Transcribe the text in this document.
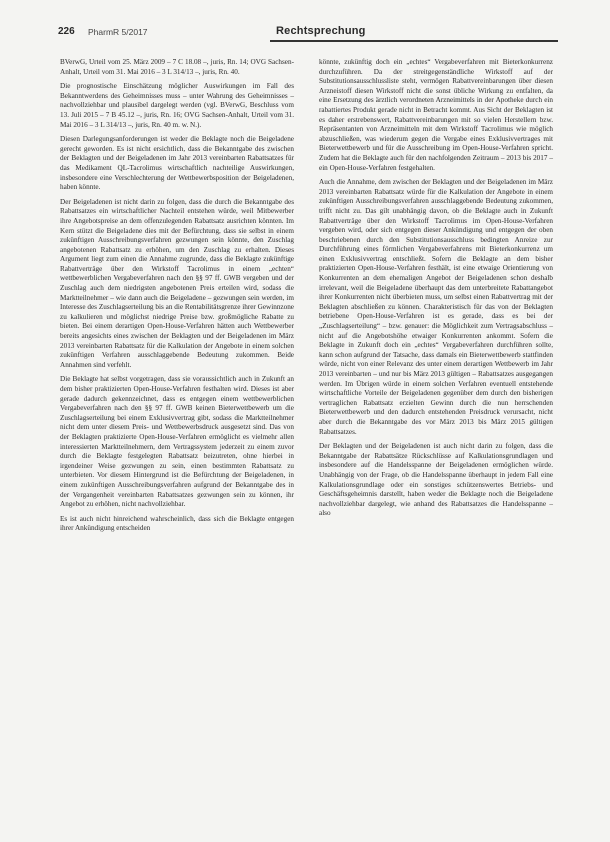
226 PharmR 5/2017	Rechtsprechung

BVerwG, Urteil vom 25. März 2009 – 7 C 18.08 –, juris, Rn. 14; OVG Sachsen-Anhalt, Urteil vom 31. Mai 2016 – 3 L 314/13 –, juris, Rn. 40.

Die prognostische Einschätzung möglicher Auswirkungen im Fall des Bekanntwerdens des Geheimnisses muss – unter Wahrung des Geheimnisses – nachvollziehbar und plausibel dargelegt werden (vgl. BVerwG, Beschluss vom 13. Juli 2015 – 7 B 45.12 –, juris, Rn. 16; OVG Sachsen-Anhalt, Urteil vom 31. Mai 2016 – 3 L 314/13 –, juris, Rn. 40 m. w. N.).

Diesen Darlegungsanforderungen ist weder die Beklagte noch die Beigeladene gerecht geworden. Es ist nicht ersichtlich, dass die Bekanntgabe des zwischen der Beklagten und der Beigeladenen im Jahr 2013 vereinbarten Rabattsatzes für das Medikament QL-Tacrolimus wirtschaftlich nachteilige Auswirkungen, insbesondere eine Verschlechterung der Wettbewerbsposition der Beigeladenen, haben könnte.

Der Beigeladenen ist nicht darin zu folgen, dass die durch die Bekanntgabe des Rabattsatzes ein wirtschaftlicher Nachteil entstehen würde, weil Mitbewerber ihre Angebotspreise an dem offenzulegenden Rabattsatz ausrichten könnten. Im Kern stützt die Beigeladene dies mit der Befürchtung, dass sie selbst in einem zukünftigen Ausschreibungsverfahren gezwungen sein könnte, den Zuschlag angebotenen Rabattsatz zu erhöhen, um den Zuschlag zu erhalten. Dieses Argument liegt zum einen die Annahme zugrunde, dass die Beklagte zukünftige Rabattverträge über den Wirkstoff Tacrolimus in einem „echten“ wettbewerblichen Vergabeverfahren nach den §§ 97 ff. GWB vergeben und der Zuschlag auch dem niedrigsten angebotenen Preis erteilen wird, sodass die Marktteilnehmer – wie dann auch die Beigeladene – gezwungen sein werden, im Interesse des Zuschlagserteilung bis an die Rentabilitätsgrenze ihrer Gewinnzone zu kalkulieren und möglichst niedrige Preise bzw. großmögliche Rabatte zu bieten. Bei einem derartigen Open-House-Verfahren hätten auch Wettbewerber bereits angesichts eines zwischen der Beklagten und der Beigeladenen im März 2013 vereinbarten Rabattsatz für die Kalkulation der Angebote in einem solchen zukünftigen Verfahren ausschlaggebende Bedeutung zukommen. Beide Annahmen sind verfehlt.

Die Beklagte hat selbst vorgetragen, dass sie voraussichtlich auch in Zukunft an dem bisher praktizierten Open-House-Verfahren festhalten wird. Dieses ist aber gerade dadurch gekennzeichnet, dass es entgegen einem wettbewerblichen Vergabeverfahren nach den §§ 97 ff. GWB keinen Bieterwettbewerb um die Zuschlagserteilung bei einem Exklusivvertrag gibt, sodass die Marktteilnehmer nicht dem unter diesem Preis- und Wettbewerbsdruck ausgesetzt sind. Das von der Beklagten praktizierte Open-House-Verfahren ermöglicht es vielmehr allen interessierten Marktteilnehmern, dem Vertragssystem jederzeit zu einem zuvor durch die Beklagte festgelegten Rabattsatz beizutreten, ohne hierbei in irgendeiner Weise gezwungen zu sein, einen bestimmten Rabattsatz zu unterbieten. Vor diesem Hintergrund ist die Befürchtung der Beigeladenen, in einem zukünftigen Ausschreibungsverfahren aufgrund der Bekanntgabe des in der Vergangenheit vereinbarten Rabattsatzes gezwungen sein zu können, ihr Angebot zu erhöhen, nicht nachvollziehbar.

Es ist auch nicht hinreichend wahrscheinlich, dass sich die Beklagte entgegen ihrer Ankündigung entscheiden

könnte, zukünftig doch ein „echtes“ Vergabeverfahren mit Bieterkonkurrenz durchzuführen. Da der streitgegenständliche Wirkstoff auf der Substitutionsausschlussliste steht, vermögen Rabattvereinbarungen über diesen Arzneistoff diesen Wirkstoff nicht die sonst übliche Wirkung zu entfalten, da eine Ersetzung des ärztlich verordneten Arzneimittels in der Apotheke durch ein rabattiertes Produkt gerade nicht in Betracht kommt. Aus Sicht der Beklagten ist es daher erstrebenswert, Rabattvereinbarungen mit so vielen Herstellern bzw. Repräsentanten von Arzneimitteln mit dem Wirkstoff Tacrolimus wie möglich abzuschließen, was wiederum gegen die Vergabe eines Exklusivvertrages mit Bieterwettbewerb und für die Ausschreibung im Open-House-Verfahren spricht. Zudem hat die Beklagte auch für den nachfolgenden Zeitraum – 2013 bis 2017 – ein Open-House-Verfahren festgehalten.

Auch die Annahme, dem zwischen der Beklagten und der Beigeladenen im März 2013 vereinbarten Rabattsatz würde für die Kalkulation der Angebote in einem zukünftigen Ausschreibungsverfahren ausschlaggebende Bedeutung zukommen, trifft nicht zu. Das gilt unabhängig davon, ob die Beklagte auch in Zukunft Rabattverträge über den Wirkstoff Tacrolimus im Open-House-Verfahren vergeben wird, oder sich entgegen dieser Ankündigung und entgegen der oben beschriebenen durch den Substitutionsausschluss bedingten Anreize zur Durchführung eines förmlichen Vergabeverfahrens mit Bieterkonkurrenz um einen Exklusivvertrag entschließt. Sofern die Beklagte an dem bisher praktizierten Open-House-Verfahren festhält, ist eine etwaige Orientierung von Konkurrenten an dem ehemaligen Angebot der Beigeladenen schon deshalb irrelevant, weil die Beigeladene überhaupt das dem unterbreitete Rabattangebot ihrer Konkurrenten nicht überbieten muss, um selbst einen Rabattvertrag mit der Beklagten abschließen zu können. Charakteristisch für das von der Beklagten betriebene Open-House-Verfahren ist es gerade, dass es bei der „Zuschlagserteilung“ – bzw. genauer: die Möglichkeit zum Vertragsabschluss – nicht auf die Angebotshöhe etwaiger Konkurrenten ankommt. Sofern die Beklagte in Zukunft doch ein „echtes“ Vergabeverfahren durchführen sollte, kann schon aufgrund der Tatsache, dass damals ein Bieterwettbewerb stattfinden würde, nicht von einer Relevanz des unter einem derartigen Wettbewerb im Jahr 2013 vereinbarten – und nur bis März 2013 gültigen – Rabattsatzes ausgegangen werden. Im Übrigen würde in einem solchen Verfahren eventuell entstehende wirtschaftliche Vorteile der Beigeladenen gegenüber dem durch den bisherigen vertraglichen Rabattsatz erzielten Gewinn durch die nun herrschenden Bieterwettbewerb und den dadurch entstehenden Preisdruck verursacht, nicht aber durch die Bekanntgabe des vor März 2013 bis März 2015 gültigen Rabattsatzes.

Der Beklagten und der Beigeladenen ist auch nicht darin zu folgen, dass die Bekanntgabe der Rabattsätze Rückschlüsse auf Kalkulationsgrundlagen und insbesondere auf die Handelsspanne der Beigeladenen ermöglichen würde. Unabhängig von der Frage, ob die Handelsspanne überhaupt in jedem Fall eine Kalkulationsgrundlage oder ein sonstiges schützenswertes Betriebs- und Geschäftsgeheimnis darstellt, haben weder die Beklagte noch die Beigeladene nachvollziehbar dargelegt, wie anhand des Rabattsatzes die Handelsspanne – also
